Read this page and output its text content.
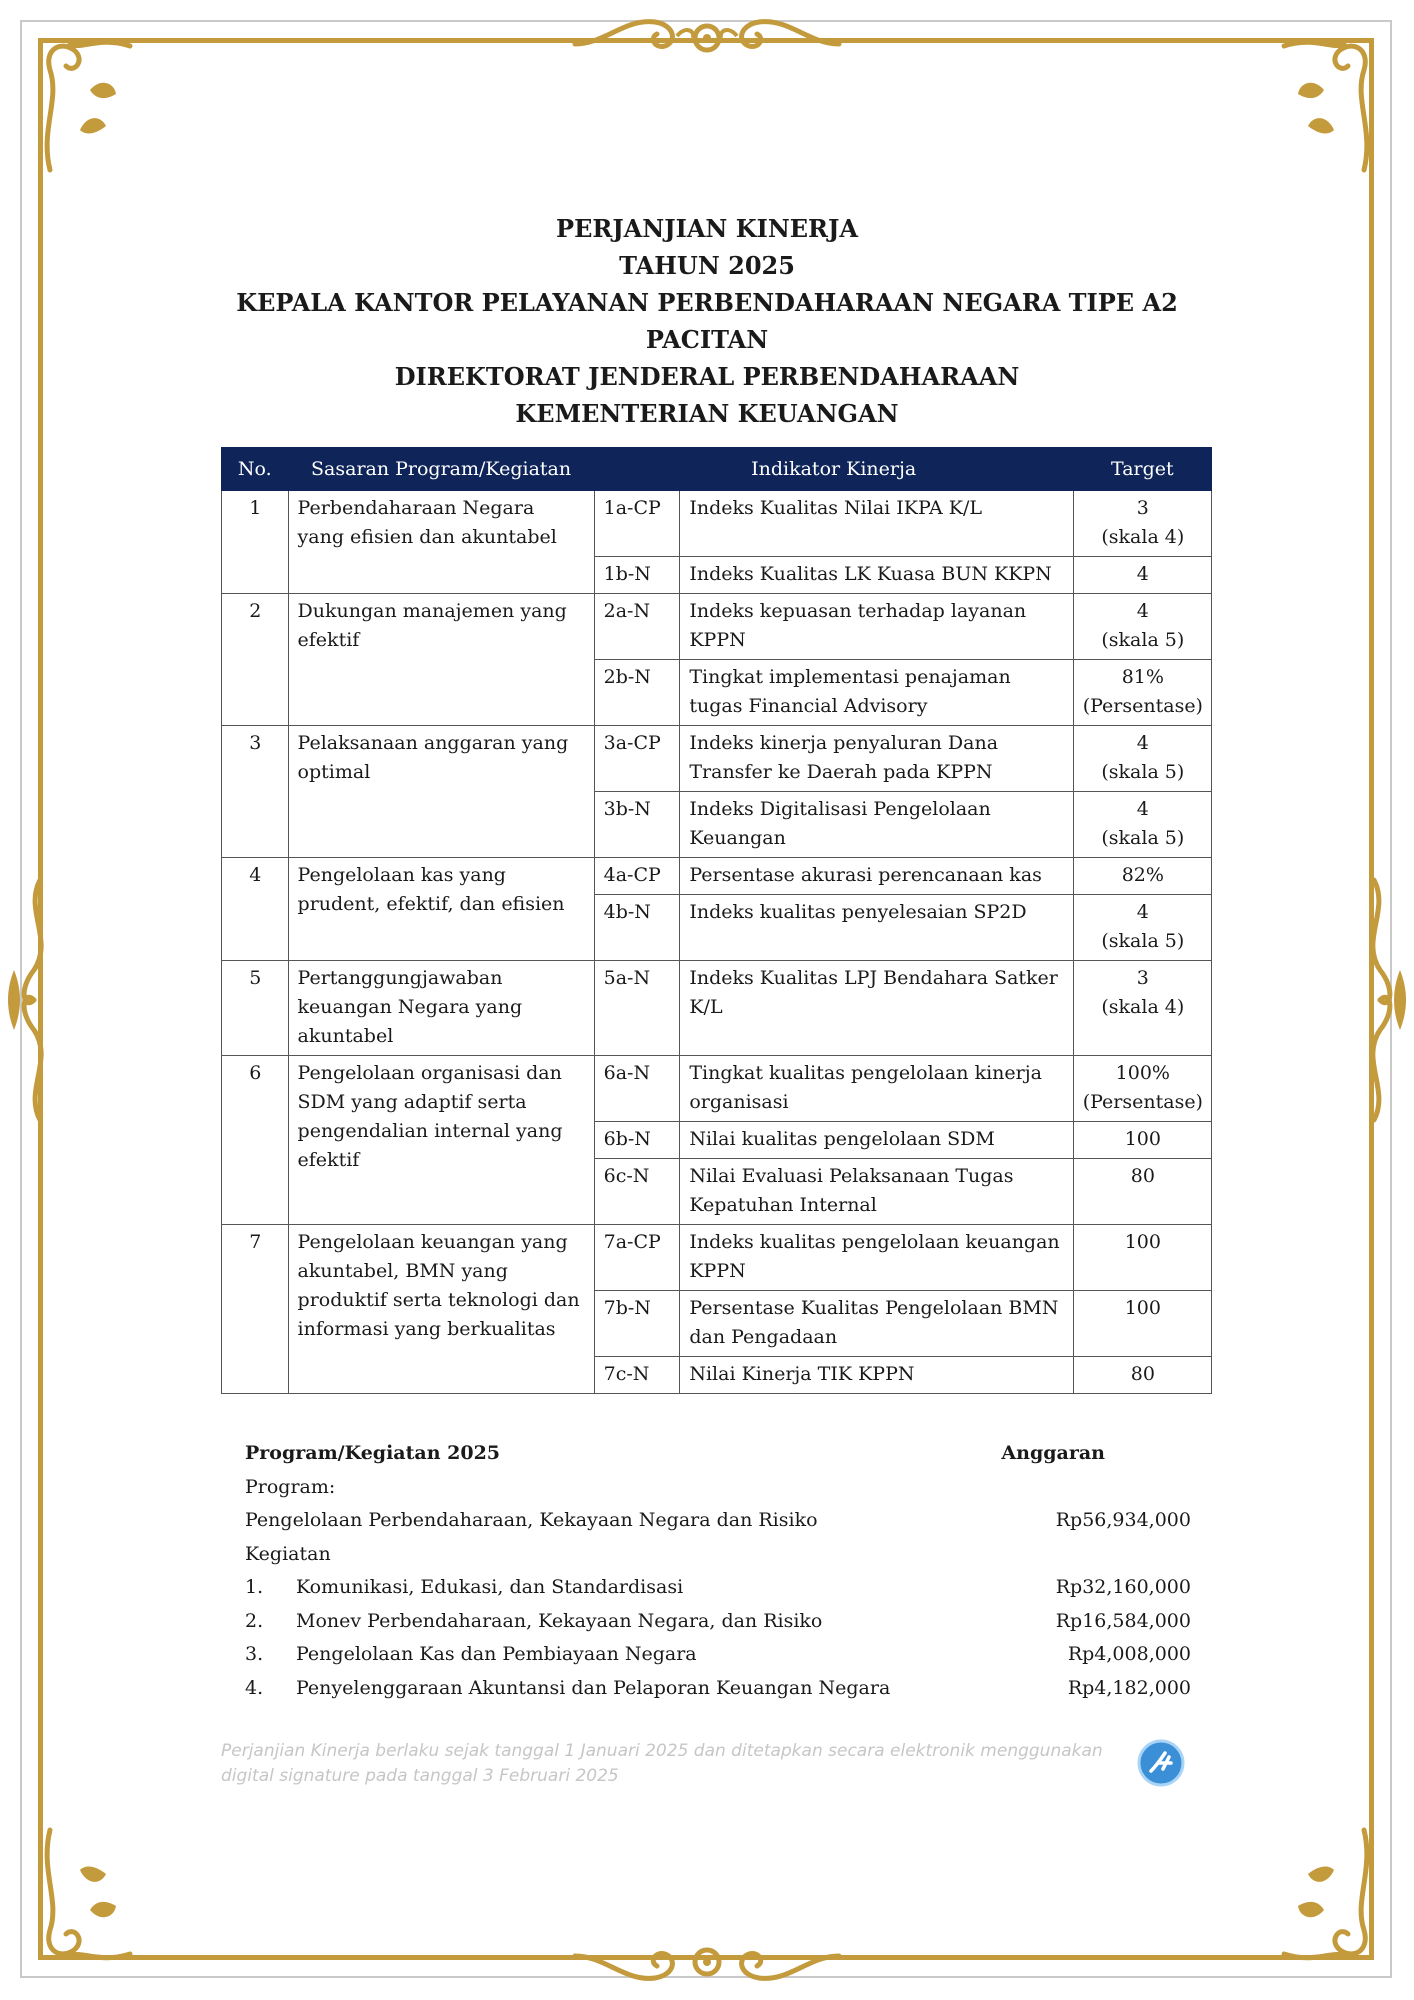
PERJANJIAN KINERJA
TAHUN 2025
KEPALA KANTOR PELAYANAN PERBENDAHARAAN NEGARA TIPE A2
PACITAN
DIREKTORAT JENDERAL PERBENDAHARAAN
KEMENTERIAN KEUANGAN
No.	Sasaran Program/Kegiatan	Indikator Kinerja		Target
1	Perbendaharaan Negara yang efisien dan akuntabel	1a-CP	Indeks Kualitas Nilai IKPA K/L	3
(skala 4)

		1b-N	Indeks Kualitas LK Kuasa BUN KKPN	4

2	Dukungan manajemen yang efektif	2a-N	Indeks kepuasan terhadap layanan KPPN	4
(skala 5)

		2b-N	Tingkat implementasi penajaman tugas Financial Advisory	81%
(Persentase)

3	Pelaksanaan anggaran yang optimal	3a-CP	Indeks kinerja penyaluran Dana Transfer ke Daerah pada KPPN	4
(skala 5)

		3b-N	Indeks Digitalisasi Pengelolaan Keuangan	4
(skala 5)

4	Pengelolaan kas yang prudent, efektif, dan efisien	4a-CP	Persentase akurasi perencanaan kas	82%

		4b-N	Indeks kualitas penyelesaian SP2D	4
(skala 5)

5	Pertanggungjawaban keuangan Negara yang akuntabel	5a-N	Indeks Kualitas LPJ Bendahara Satker K/L	3
(skala 4)

6	Pengelolaan organisasi dan SDM yang adaptif serta pengendalian internal yang efektif	6a-N	Tingkat kualitas pengelolaan kinerja organisasi	100%
(Persentase)

		6b-N	Nilai kualitas pengelolaan SDM	100

		6c-N	Nilai Evaluasi Pelaksanaan Tugas Kepatuhan Internal	80

7	Pengelolaan keuangan yang akuntabel, BMN yang produktif serta teknologi dan informasi yang berkualitas	7a-CP	Indeks kualitas pengelolaan keuangan KPPN	100

		7b-N	Persentase Kualitas Pengelolaan BMN dan Pengadaan	100

		7c-N	Nilai Kinerja TIK KPPN	80
Program/Kegiatan 2025	Anggaran
Program:
Pengelolaan Perbendaharaan, Kekayaan Negara dan Risiko	Rp56,934,000
Kegiatan
1. Komunikasi, Edukasi, dan Standardisasi	Rp32,160,000
2. Monev Perbendaharaan, Kekayaan Negara, dan Risiko	Rp16,584,000
3. Pengelolaan Kas dan Pembiayaan Negara	Rp4,008,000
4. Penyelenggaraan Akuntansi dan Pelaporan Keuangan Negara	Rp4,182,000
Perjanjian Kinerja berlaku sejak tanggal 1 Januari 2025 dan ditetapkan secara elektronik menggunakan
digital signature pada tanggal 3 Februari 2025
